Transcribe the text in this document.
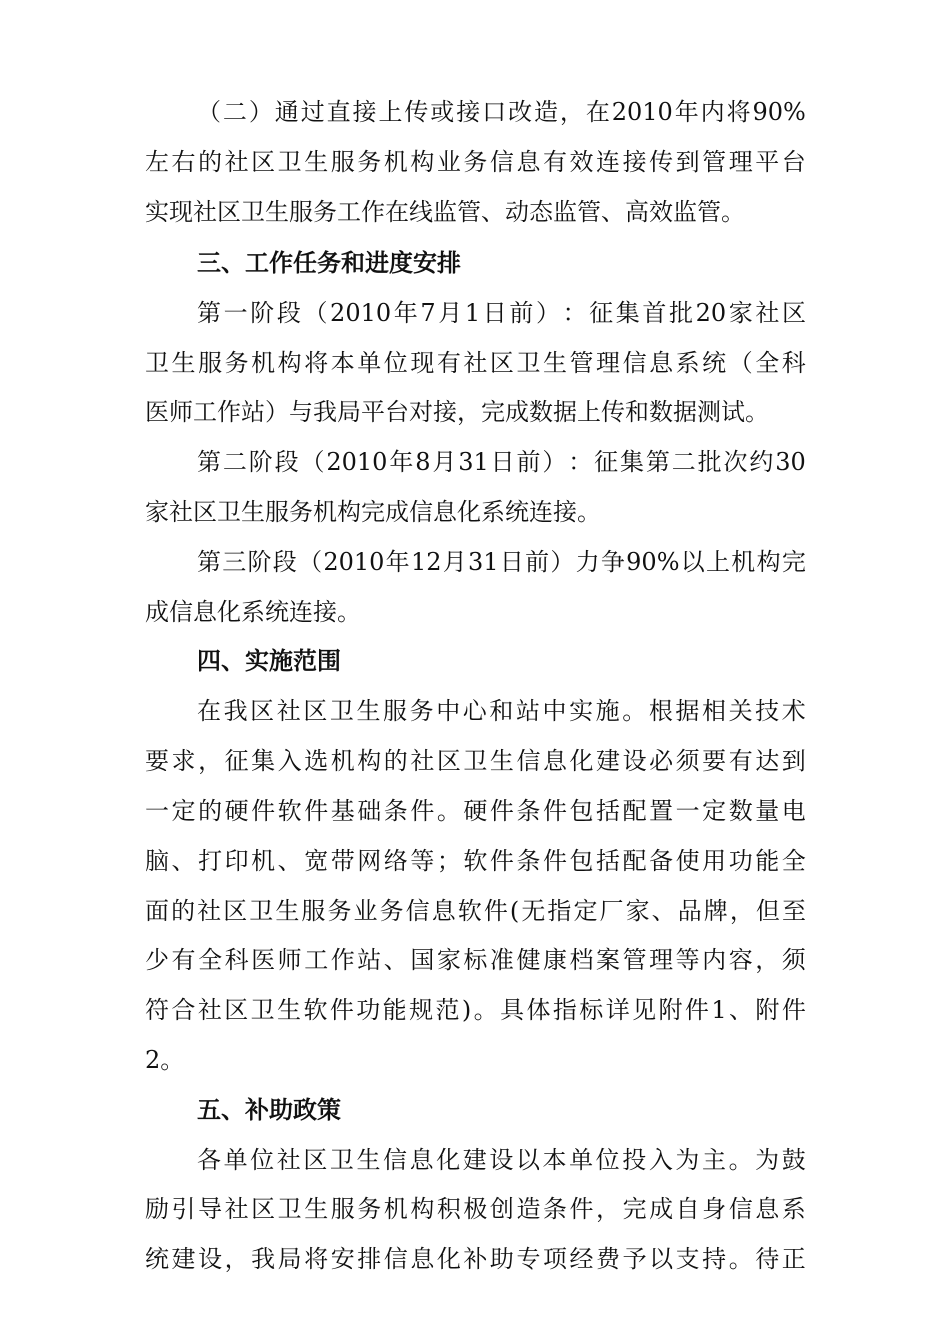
（ 二 ） 通 过 直 接 上 传 或 接 口 改 造 ， 在 2010 年 内 将 90%
左 右 的 社 区 卫 生 服 务 机 构 业 务 信 息 有 效 连 接 传 到 管 理 平 台
实现社区卫生服务工作在线监管、动态监管、高效监管。
三、工作任务和进度安排
第 一 阶 段 （ 2010 年 7 月 1 日 前 ） ： 征 集 首 批 20 家 社 区
卫 生 服 务 机 构 将 本 单 位 现 有 社 区 卫 生 管 理 信 息 系 统 （ 全 科
医师工作站）与我局平台对接，完成数据上传和数据测试。
第 二 阶 段 （ 2010 年 8 月 31 日 前 ） ： 征 集 第 二 批 次 约 30
家社区卫生服务机构完成信息化系统连接。
第 三 阶 段 （ 2010 年 12 月 31 日 前 ） 力 争 90% 以 上 机 构 完
成信息化系统连接。
四、实施范围
在 我 区 社 区 卫 生 服 务 中 心 和 站 中 实 施 。 根 据 相 关 技 术
要 求 ， 征 集 入 选 机 构 的 社 区 卫 生 信 息 化 建 设 必 须 要 有 达 到
一 定 的 硬 件 软 件 基 础 条 件 。 硬 件 条 件 包 括 配 置 一 定 数 量 电
脑 、 打 印 机 、 宽 带 网 络 等 ； 软 件 条 件 包 括 配 备 使 用 功 能 全
面 的 社 区 卫 生 服 务 业 务 信 息 软 件 ( 无 指 定 厂 家 、 品 牌 ， 但 至
少 有 全 科 医 师 工 作 站 、 国 家 标 准 健 康 档 案 管 理 等 内 容 ， 须
符 合 社 区 卫 生 软 件 功 能 规 范 ) 。 具 体 指 标 详 见 附 件 1 、 附 件
2。
五、补助政策
各 单 位 社 区 卫 生 信 息 化 建 设 以 本 单 位 投 入 为 主 。 为 鼓
励 引 导 社 区 卫 生 服 务 机 构 积 极 创 造 条 件 ， 完 成 自 身 信 息 系
统 建 设 ， 我 局 将 安 排 信 息 化 补 助 专 项 经 费 予 以 支 持 。 待 正
